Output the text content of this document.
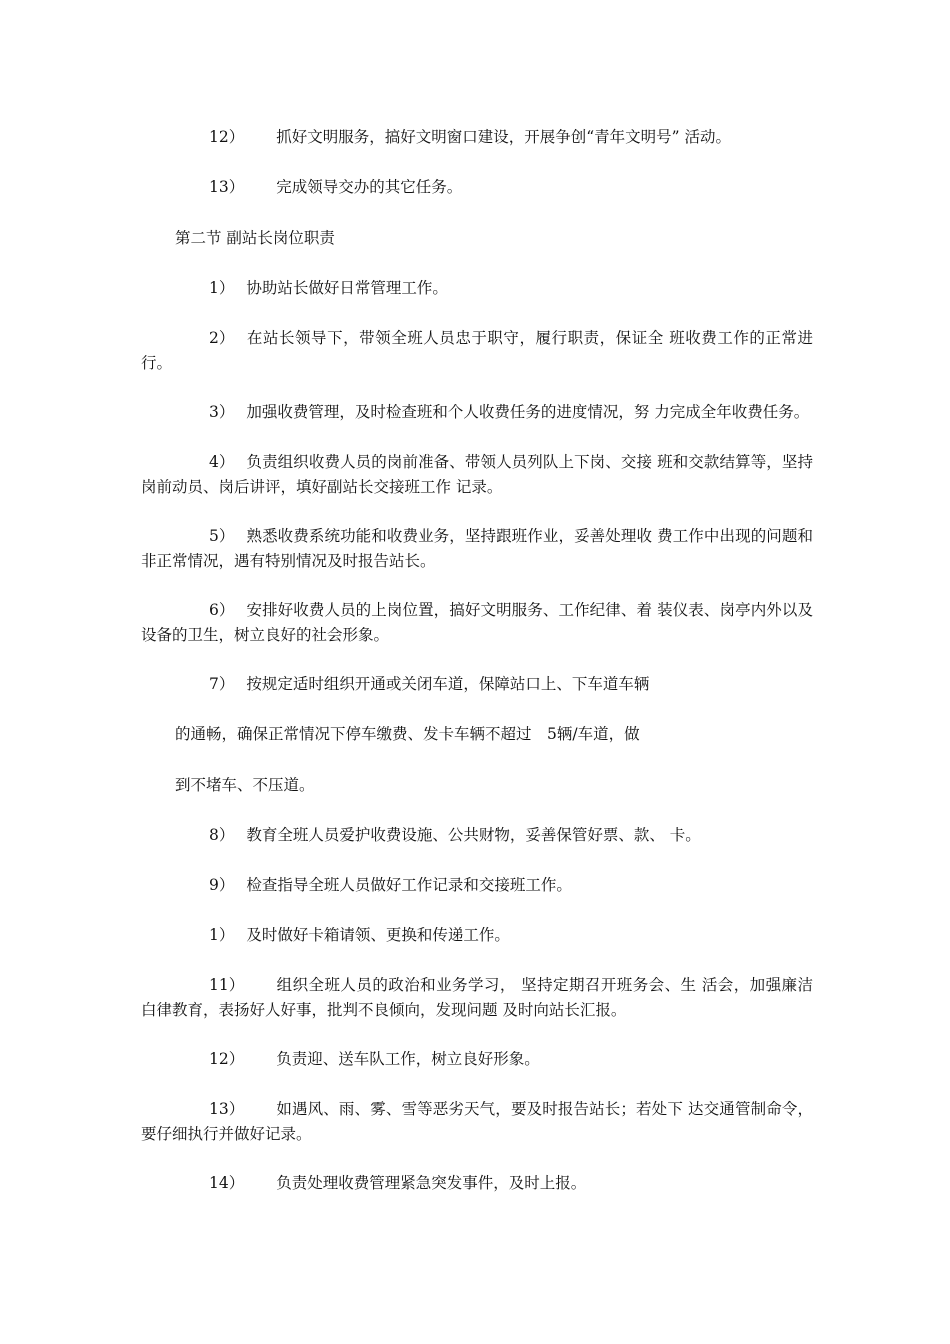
12） 抓好文明服务，搞好文明窗口建设，开展争创“青年文明号” 活动。

13） 完成领导交办的其它任务。

第二节 副站长岗位职责

1） 协助站长做好日常管理工作。

2） 在站长领导下，带领全班人员忠于职守，履行职责，保证全 班收费工作的正常进行。

3） 加强收费管理，及时检查班和个人收费任务的进度情况，努 力完成全年收费任务。

4） 负责组织收费人员的岗前准备、带领人员列队上下岗、交接 班和交款结算等，坚持岗前动员、岗后讲评，填好副站长交接班工作 记录。

5） 熟悉收费系统功能和收费业务，坚持跟班作业，妥善处理收 费工作中出现的问题和非正常情况，遇有特别情况及时报告站长。

6） 安排好收费人员的上岗位置，搞好文明服务、工作纪律、着 装仪表、岗亭内外以及设备的卫生，树立良好的社会形象。

7） 按规定适时组织开通或关闭车道，保障站口上、下车道车辆

的通畅，确保正常情况下停车缴费、发卡车辆不超过　5辆/车道，做

到不堵车、不压道。

8） 教育全班人员爱护收费设施、公共财物，妥善保管好票、款、 卡。

9） 检查指导全班人员做好工作记录和交接班工作。

1） 及时做好卡箱请领、更换和传递工作。

11） 组织全班人员的政治和业务学习， 坚持定期召开班务会、生 活会，加强廉洁白律教育，表扬好人好事，批判不良倾向，发现问题 及时向站长汇报。

12） 负责迎、送车队工作，树立良好形象。

13） 如遇风、雨、雾、雪等恶劣天气，要及时报告站长；若处下 达交通管制命令，要仔细执行并做好记录。

14） 负责处理收费管理紧急突发事件，及时上报。
